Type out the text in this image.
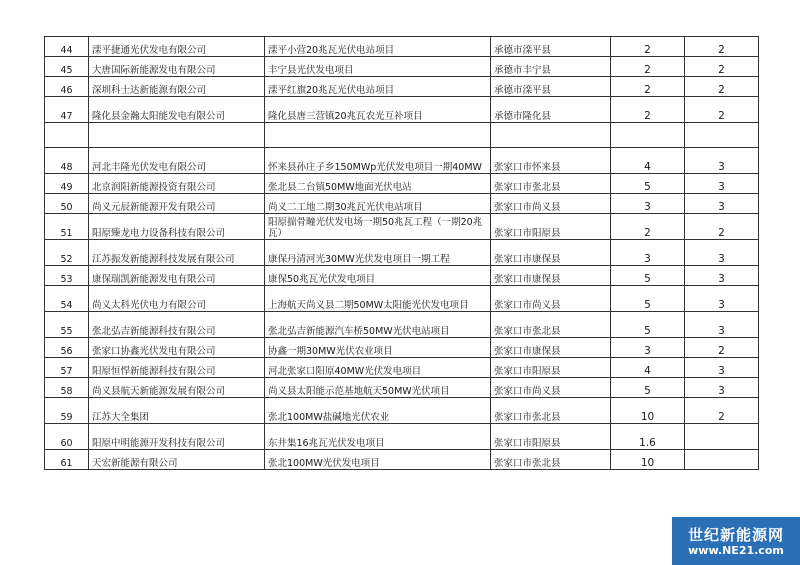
44	滦平捷通光伏发电有限公司	滦平小营20兆瓦光伏电站项目	承德市滦平县	2	2
45	大唐国际新能源发电有限公司	丰宁县光伏发电项目	承德市丰宁县	2	2
46	深圳科士达新能源有限公司	滦平红旗20兆瓦光伏电站项目	承德市滦平县	2	2
47	隆化县金瀚太阳能发电有限公司	隆化县唐三营镇20兆瓦农光互补项目	承德市隆化县	2	2

48	河北丰隆光伏发电有限公司	怀来县孙庄子乡150MWp光伏发电项目一期40MW	张家口市怀来县	4	3
49	北京润阳新能源投资有限公司	张北县二台镇50MW地面光伏电站	张家口市张北县	5	3
50	尚义元辰新能源开发有限公司	尚义二工地二期30兆瓦光伏电站项目	张家口市尚义县	3	3
51	阳原臻龙电力设备科技有限公司	阳原揣骨疃光伏发电场一期50兆瓦工程（一期20兆瓦）	张家口市阳原县	2	2
52	江苏振发新能源科技发展有限公司	康保丹清河光30MW光伏发电项目一期工程	张家口市康保县	3	3
53	康保瑞凯新能源发电有限公司	康保50兆瓦光伏发电项目	张家口市康保县	5	3
54	尚义太科光伏电力有限公司	上海航天尚义县二期50MW太阳能光伏发电项目	张家口市尚义县	5	3
55	张北弘吉新能源科技有限公司	张北弘吉新能源汽车桥50MW光伏电站项目	张家口市张北县	5	3
56	张家口协鑫光伏发电有限公司	协鑫一期30MW光伏农业项目	张家口市康保县	3	2
57	阳原恒悍新能源科技有限公司	河北张家口阳原40MW光伏发电项目	张家口市阳原县	4	3
58	尚义县航天新能源发展有限公司	尚义县太阳能示范基地航天50MW光伏项目	张家口市尚义县	5	3
59	江苏大全集团	张北100MW盐碱地光伏农业	张家口市张北县	10	2
60	阳原中明能源开发科技有限公司	东井集16兆瓦光伏发电项目	张家口市阳原县	1.6	
61	天宏新能源有限公司	张北100MW光伏发电项目	张家口市张北县	10	
世纪新能源网
www.NE21.com
